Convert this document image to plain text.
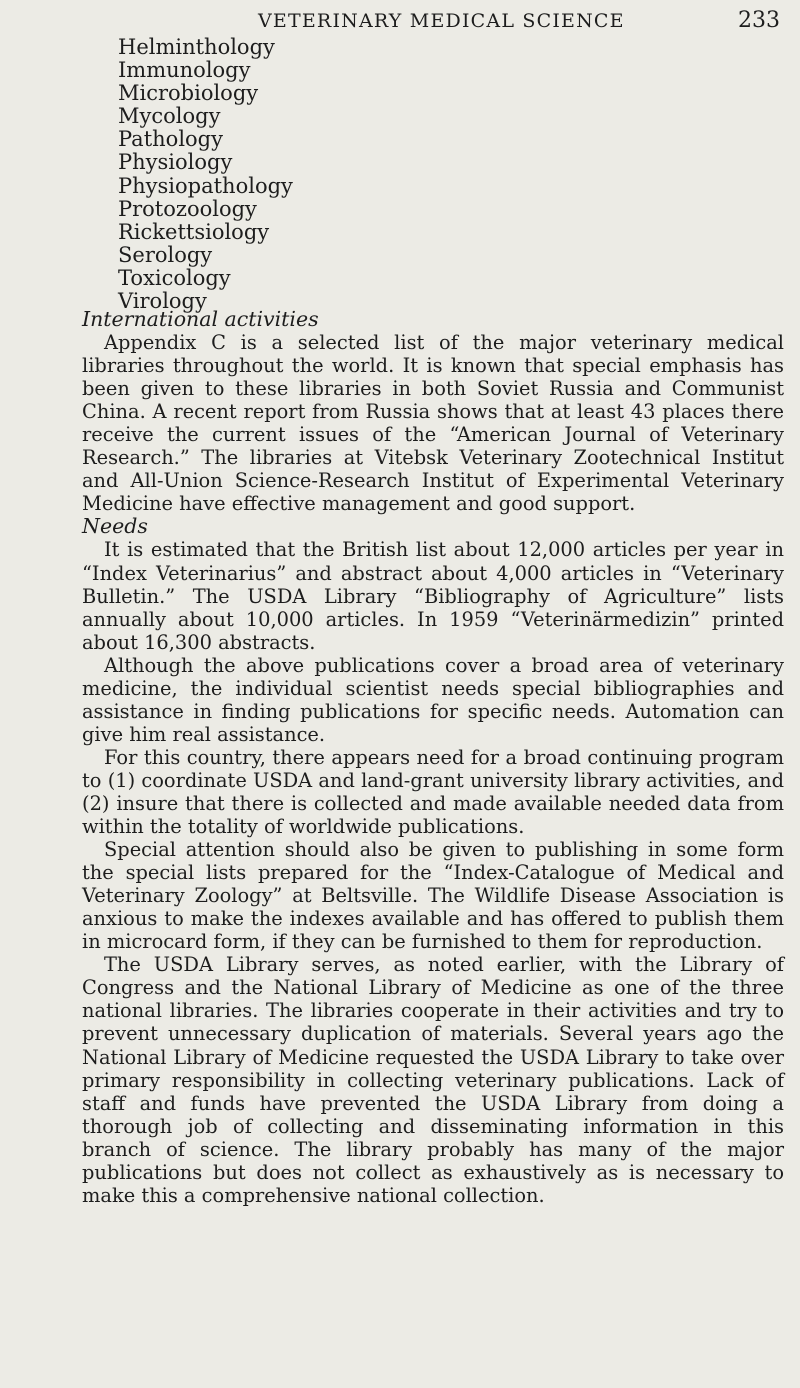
VETERINARY MEDICAL SCIENCE	233
Helminthology
Immunology
Microbiology
Mycology
Pathology
Physiology
Physiopathology
Protozoology
Rickettsiology
Serology
Toxicology
Virology
International activities

Appendix C is a selected list of the major veterinary medical libraries throughout the world. It is known that special emphasis has been given to these libraries in both Soviet Russia and Communist China. A recent report from Russia shows that at least 43 places there receive the current issues of the “American Journal of Veterinary Research.” The libraries at Vitebsk Veterinary Zootechnical Institut and All-Union Science-Research Institut of Experimental Veterinary Medicine have effective management and good support.

Needs

It is estimated that the British list about 12,000 articles per year in “Index Veterinarius” and abstract about 4,000 articles in “Veterinary Bulletin.” The USDA Library “Bibliography of Agriculture” lists annually about 10,000 articles. In 1959 “Veterinärmedizin” printed about 16,300 abstracts.

Although the above publications cover a broad area of veterinary medicine, the individual scientist needs special bibliographies and assistance in finding publications for specific needs. Automation can give him real assistance.

For this country, there appears need for a broad continuing program to (1) coordinate USDA and land-grant university library activities, and (2) insure that there is collected and made available needed data from within the totality of worldwide publications.

Special attention should also be given to publishing in some form the special lists prepared for the “Index-Catalogue of Medical and Veterinary Zoology” at Beltsville. The Wildlife Disease Association is anxious to make the indexes available and has offered to publish them in microcard form, if they can be furnished to them for reproduction.

The USDA Library serves, as noted earlier, with the Library of Congress and the National Library of Medicine as one of the three national libraries. The libraries cooperate in their activities and try to prevent unnecessary duplication of materials. Several years ago the National Library of Medicine requested the USDA Library to take over primary responsibility in collecting veterinary publications. Lack of staff and funds have prevented the USDA Library from doing a thorough job of collecting and disseminating information in this branch of science. The library probably has many of the major publications but does not collect as exhaustively as is necessary to make this a comprehensive national collection.
